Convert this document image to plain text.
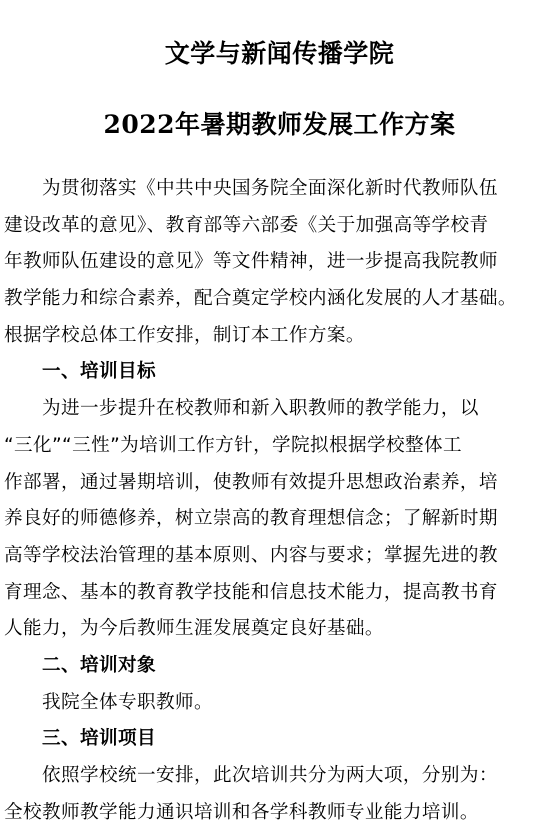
文学与新闻传播学院
2022年暑期教师发展工作方案
为贯彻落实《中共中央国务院全面深化新时代教师队伍
建设改革的意见》、教育部等六部委《关于加强高等学校青
年教师队伍建设的意见》等文件精神，进一步提高我院教师
教学能力和综合素养，配合奠定学校内涵化发展的人才基础。
根据学校总体工作安排，制订本工作方案。
一、培训目标
为进一步提升在校教师和新入职教师的教学能力，以
“三化”“三性”为培训工作方针，学院拟根据学校整体工
作部署，通过暑期培训，使教师有效提升思想政治素养，培
养良好的师德修养，树立崇高的教育理想信念；了解新时期
高等学校法治管理的基本原则、内容与要求；掌握先进的教
育理念、基本的教育教学技能和信息技术能力，提高教书育
人能力，为今后教师生涯发展奠定良好基础。
二、培训对象
我院全体专职教师。
三、培训项目
依照学校统一安排，此次培训共分为两大项，分别为：
全校教师教学能力通识培训和各学科教师专业能力培训。
